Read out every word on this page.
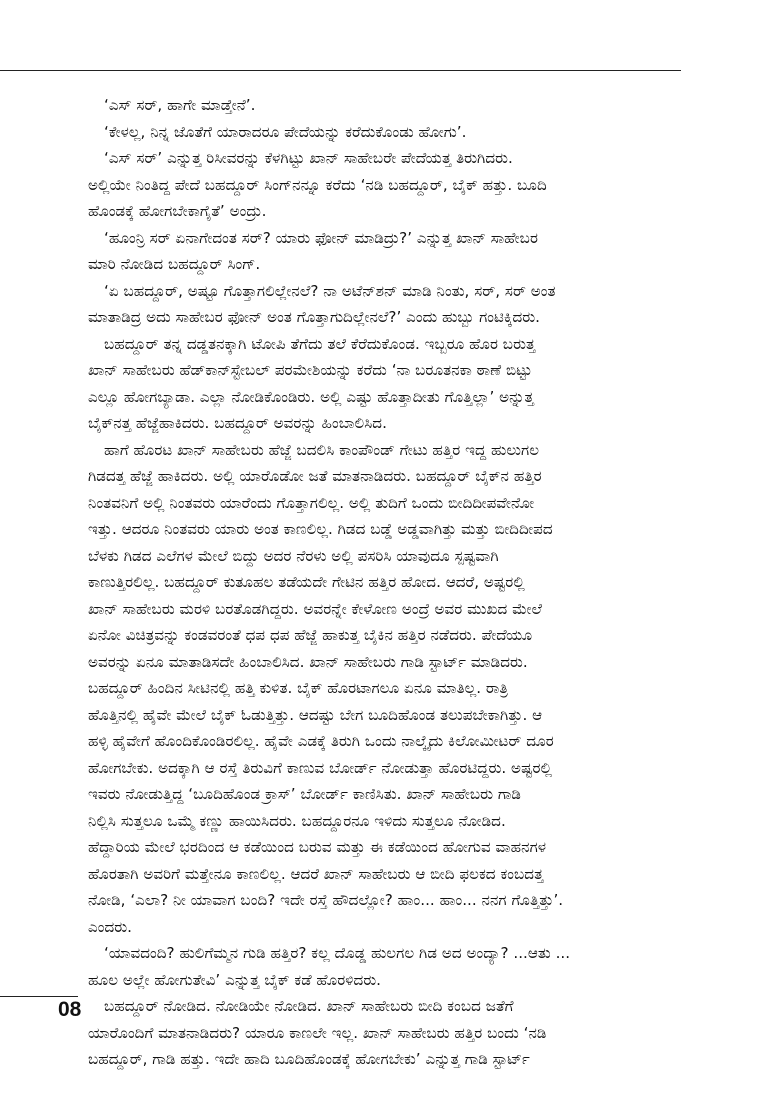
‘ಎಸ್ ಸರ್, ಹಾಗೇ ಮಾಡ್ತೇನೆ’.
‘ಕೇಳಲ್ಲ, ನಿನ್ನ ಜೊತೆಗೆ ಯಾರಾದರೂ ಪೇದೆಯನ್ನು ಕರೆದುಕೊಂಡು ಹೋಗು’.
‘ಎಸ್ ಸರ್’ ಎನ್ನುತ್ತ ರಿಸೀವರನ್ನು ಕೆಳಗಿಟ್ಟು ಖಾನ್ ಸಾಹೇಬರೇ ಪೇದೆಯತ್ತ ತಿರುಗಿದರು.
ಅಲ್ಲಿಯೇ ನಿಂತಿದ್ದ ಪೇದೆ ಬಹದ್ದೂರ್ ಸಿಂಗ್‌ನನ್ನೂ ಕರೆದು ‘ನಡಿ ಬಹದ್ದೂರ್, ಬೈಕ್ ಹತ್ತು. ಬೂದಿ
ಹೊಂಡಕ್ಕೆ ಹೋಗಬೇಕಾಗೈತೆ’ ಅಂದ್ರು.
‘ಹೂಂನ್ರಿ ಸರ್ ಏನಾಗೇದಂತ ಸರ್? ಯಾರು ಫೋನ್ ಮಾಡಿದ್ರು?’ ಎನ್ನುತ್ತ ಖಾನ್ ಸಾಹೇಬರ
ಮಾರಿ ನೋಡಿದ ಬಹದ್ದೂರ್ ಸಿಂಗ್.
‘ಏ ಬಹದ್ದೂರ್, ಅಷ್ಟೂ ಗೊತ್ತಾಗಲಿಲ್ಲೇನಲೆ? ನಾ ಅಟೆನ್‌ಶನ್ ಮಾಡಿ ನಿಂತು, ಸರ್, ಸರ್ ಅಂತ
ಮಾತಾಡಿದ್ರ ಅದು ಸಾಹೇಬರ ಫೋನ್ ಅಂತ ಗೊತ್ತಾಗುದಿಲ್ಲೇನಲೆ?’ ಎಂದು ಹುಬ್ಬು ಗಂಟಿಕ್ಕಿದರು.
ಬಹದ್ದೂರ್ ತನ್ನ ದಡ್ಡತನಕ್ಕಾಗಿ ಟೋಪಿ ತೆಗೆದು ತಲೆ ಕೆರೆದುಕೊಂಡ. ಇಬ್ಬರೂ ಹೊರ ಬರುತ್ತ
ಖಾನ್ ಸಾಹೇಬರು ಹೆಡ್‌ಕಾನ್‌ಸ್ಟೇಬಲ್ ಪರಮೇಶಿಯನ್ನು ಕರೆದು ‘ನಾ ಬರೂತನಕಾ ಠಾಣೆ ಬಿಟ್ಟು
ಎಲ್ಲೂ ಹೋಗಬ್ಯಾಡಾ. ಎಲ್ಲಾ ನೋಡಿಕೊಂಡಿರು. ಅಲ್ಲಿ ಎಷ್ಟು ಹೊತ್ತಾದೀತು ಗೊತ್ತಿಲ್ಲಾ’ ಅನ್ನುತ್ತ
ಬೈಕ್‌ನತ್ತ ಹೆಜ್ಜೆಹಾಕಿದರು. ಬಹದ್ದೂರ್ ಅವರನ್ನು ಹಿಂಬಾಲಿಸಿದ.
ಹಾಗೆ ಹೊರಟ ಖಾನ್ ಸಾಹೇಬರು ಹೆಜ್ಜೆ ಬದಲಿಸಿ ಕಾಂಪೌಂಡ್ ಗೇಟು ಹತ್ತಿರ ಇದ್ದ ಹುಲುಗಲ
ಗಿಡದತ್ತ ಹೆಜ್ಜೆ ಹಾಕಿದರು. ಅಲ್ಲಿ ಯಾರೊಡೋ ಜತೆ ಮಾತನಾಡಿದರು. ಬಹದ್ದೂರ್ ಬೈಕ್‌ನ ಹತ್ತಿರ
ನಿಂತವನಿಗೆ ಅಲ್ಲಿ ನಿಂತವರು ಯಾರೆಂದು ಗೊತ್ತಾಗಲಿಲ್ಲ. ಅಲ್ಲಿ ತುದಿಗೆ ಒಂದು ಬೀದಿದೀಪವೇನೋ
ಇತ್ತು. ಆದರೂ ನಿಂತವರು ಯಾರು ಅಂತ ಕಾಣಲಿಲ್ಲ. ಗಿಡದ ಬಡ್ಡೆ ಅಡ್ಡವಾಗಿತ್ತು ಮತ್ತು ಬೀದಿದೀಪದ
ಬೆಳಕು ಗಿಡದ ಎಲೆಗಳ ಮೇಲೆ ಬಿದ್ದು ಅದರ ನೆರಳು ಅಲ್ಲಿ ಪಸರಿಸಿ ಯಾವುದೂ ಸ್ಪಷ್ಟವಾಗಿ
ಕಾಣುತ್ತಿರಲಿಲ್ಲ. ಬಹದ್ದೂರ್ ಕುತೂಹಲ ತಡೆಯದೇ ಗೇಟಿನ ಹತ್ತಿರ ಹೋದ. ಆದರೆ, ಅಷ್ಟರಲ್ಲಿ
ಖಾನ್ ಸಾಹೇಬರು ಮರಳಿ ಬರತೊಡಗಿದ್ದರು. ಅವರನ್ನೇ ಕೇಳೋಣ ಅಂದ್ರೆ ಅವರ ಮುಖದ ಮೇಲೆ
ಏನೋ ವಿಚಿತ್ರವನ್ನು ಕಂಡವರಂತೆ ಧಪ ಧಪ ಹೆಜ್ಜೆ ಹಾಕುತ್ತ ಬೈಕಿನ ಹತ್ತಿರ ನಡೆದರು. ಪೇದೆಯೂ
ಅವರನ್ನು ಏನೂ ಮಾತಾಡಿಸದೇ ಹಿಂಬಾಲಿಸಿದ. ಖಾನ್ ಸಾಹೇಬರು ಗಾಡಿ ಸ್ಟಾರ್ಟ್ ಮಾಡಿದರು.
ಬಹದ್ದೂರ್ ಹಿಂದಿನ ಸೀಟಿನಲ್ಲಿ ಹತ್ತಿ ಕುಳಿತ. ಬೈಕ್ ಹೊರಟಾಗಲೂ ಏನೂ ಮಾತಿಲ್ಲ. ರಾತ್ರಿ
ಹೊತ್ತಿನಲ್ಲಿ ಹೈವೇ ಮೇಲೆ ಬೈಕ್ ಓಡುತ್ತಿತ್ತು. ಆದಷ್ಟು ಬೇಗ ಬೂದಿಹೊಂಡ ತಲುಪಬೇಕಾಗಿತ್ತು. ಆ
ಹಳ್ಳಿ ಹೈವೇಗೆ ಹೊಂದಿಕೊಂಡಿರಲಿಲ್ಲ. ಹೈವೇ ಎಡಕ್ಕೆ ತಿರುಗಿ ಒಂದು ನಾಲ್ಕೈದು ಕಿಲೋಮೀಟರ್ ದೂರ
ಹೋಗಬೇಕು. ಅದಕ್ಕಾಗಿ ಆ ರಸ್ತೆ ತಿರುವಿಗೆ ಕಾಣುವ ಬೋರ್ಡ್ ನೋಡುತ್ತಾ ಹೊರಟಿದ್ದರು. ಅಷ್ಟರಲ್ಲಿ
ಇವರು ನೋಡುತ್ತಿದ್ದ ‘ಬೂದಿಹೊಂಡ ಕ್ರಾಸ್’ ಬೋರ್ಡ್ ಕಾಣಿಸಿತು. ಖಾನ್ ಸಾಹೇಬರು ಗಾಡಿ
ನಿಲ್ಲಿಸಿ ಸುತ್ತಲೂ ಒಮ್ಮೆ ಕಣ್ಣು ಹಾಯಿಸಿದರು. ಬಹದ್ದೂರನೂ ಇಳಿದು ಸುತ್ತಲೂ ನೋಡಿದ.
ಹೆದ್ದಾರಿಯ ಮೇಲೆ ಭರದಿಂದ ಆ ಕಡೆಯಿಂದ ಬರುವ ಮತ್ತು ಈ ಕಡೆಯಿಂದ ಹೋಗುವ ವಾಹನಗಳ
ಹೊರತಾಗಿ ಅವರಿಗೆ ಮತ್ತೇನೂ ಕಾಣಲಿಲ್ಲ. ಆದರೆ ಖಾನ್ ಸಾಹೇಬರು ಆ ಬೀದಿ ಫಲಕದ ಕಂಬದತ್ತ
ನೋಡಿ, ‘ಎಲಾ? ನೀ ಯಾವಾಗ ಬಂದಿ? ಇದೇ ರಸ್ತೆ ಹೌದಲ್ಲೋ? ಹಾಂ... ಹಾಂ... ನನಗ ಗೊತ್ತಿತ್ತು’.
ಎಂದರು.
‘ಯಾವದಂದಿ? ಹುಲಿಗೆಮ್ಮನ ಗುಡಿ ಹತ್ತಿರ? ಕಲ್ಲ ದೊಡ್ಡ ಹುಲಗಲ ಗಿಡ ಅದ ಅಂದ್ಯಾ? ...ಆತು ...
ಹೂಲ ಅಲ್ಲೇ ಹೋಗುತೇವಿ’ ಎನ್ನುತ್ತ ಬೈಕ್ ಕಡೆ ಹೊರಳಿದರು.
ಬಹದ್ದೂರ್ ನೋಡಿದ. ನೋಡಿಯೇ ನೋಡಿದ. ಖಾನ್ ಸಾಹೇಬರು ಬೀದಿ ಕಂಬದ ಜತೆಗೆ
ಯಾರೊಂದಿಗೆ ಮಾತನಾಡಿದರು? ಯಾರೂ ಕಾಣಲೇ ಇಲ್ಲ. ಖಾನ್ ಸಾಹೇಬರು ಹತ್ತಿರ ಬಂದು ‘ನಡಿ
ಬಹದ್ದೂರ್, ಗಾಡಿ ಹತ್ತು. ಇದೇ ಹಾದಿ ಬೂದಿಹೊಂಡಕ್ಕೆ ಹೋಗಬೇಕು’ ಎನ್ನುತ್ತ ಗಾಡಿ ಸ್ಟಾರ್ಟ್
08
